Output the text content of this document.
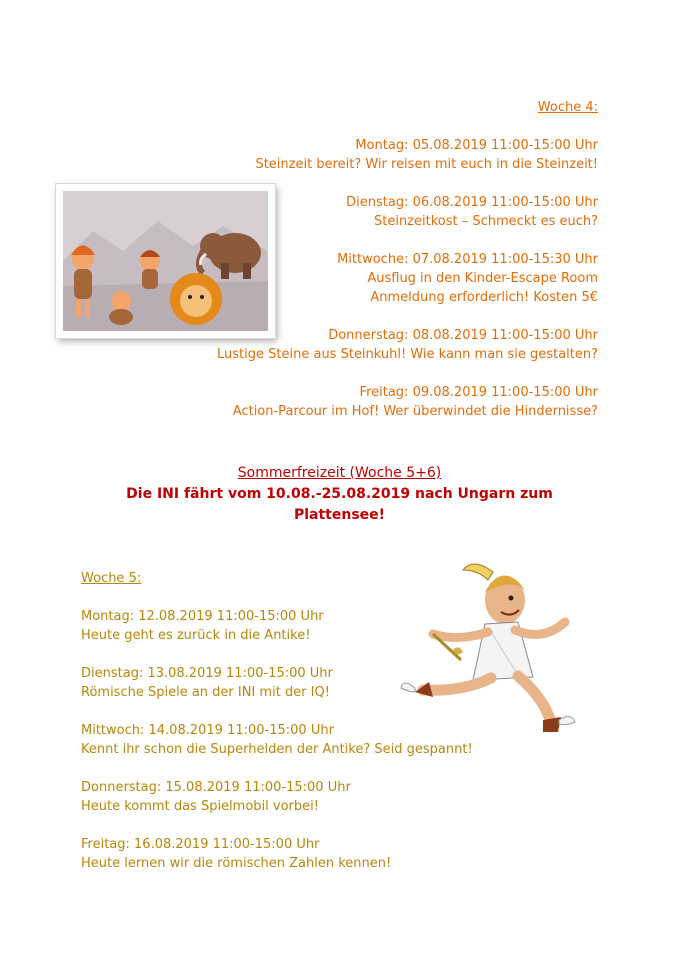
Woche 4:
Montag: 05.08.2019 11:00-15:00 Uhr
Steinzeit bereit? Wir reisen mit euch in die Steinzeit!
Dienstag: 06.08.2019 11:00-15:00 Uhr
Steinzeitkost – Schmeckt es euch?
Mittwoche: 07.08.2019 11:00-15:30 Uhr
Ausflug in den Kinder-Escape Room
Anmeldung erforderlich! Kosten 5€
Donnerstag: 08.08.2019 11:00-15:00 Uhr
Lustige Steine aus Steinkuhl! Wie kann man sie gestalten?
Freitag: 09.08.2019 11:00-15:00 Uhr
Action-Parcour im Hof! Wer überwindet die Hindernisse?
Sommerfreizeit (Woche 5+6)
Die INI fährt vom 10.08.-25.08.2019 nach Ungarn zum
Plattensee!
Woche 5:
Montag: 12.08.2019 11:00-15:00 Uhr
Heute geht es zurück in die Antike!
Dienstag: 13.08.2019 11:00-15:00 Uhr
Römische Spiele an der INI mit der IQ!
Mittwoch: 14.08.2019 11:00-15:00 Uhr
Kennt ihr schon die Superhelden der Antike? Seid gespannt!
Donnerstag: 15.08.2019 11:00-15:00 Uhr
Heute kommt das Spielmobil vorbei!
Freitag: 16.08.2019 11:00-15:00 Uhr
Heute lernen wir die römischen Zahlen kennen!
